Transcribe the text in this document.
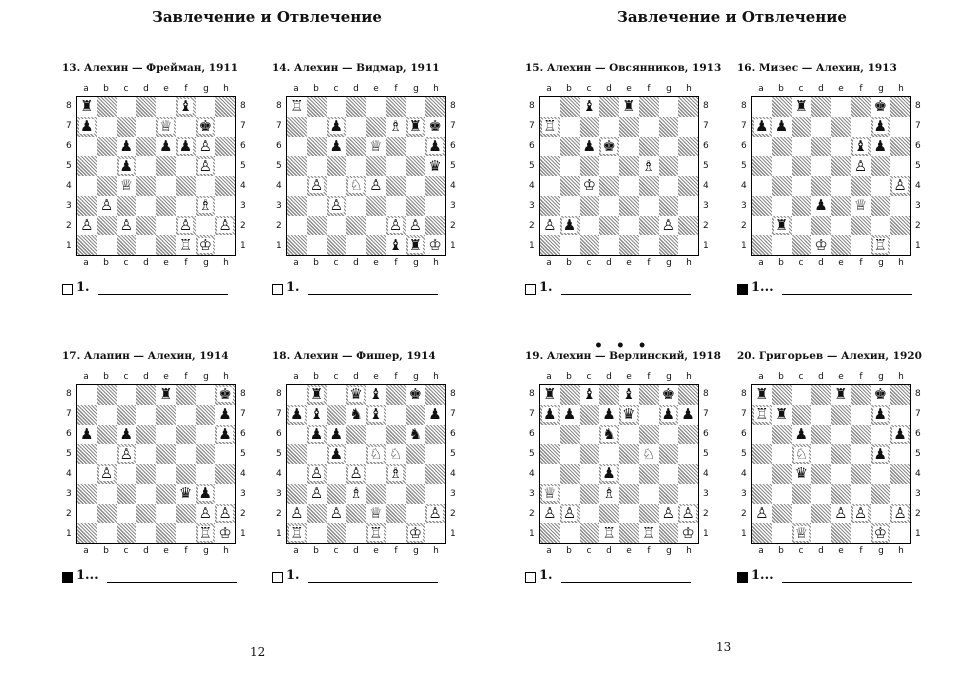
Завлечение и Отвлечение
12
Завлечение и Отвлечение
13
• • •
13. Алехин — Фрейман, 1911
a	b	c	d	e	f	g	h
a	b	c	d	e	f	g	h
8
7
6
5
4
3
2
1
8
7
6
5
4
3
2
1
♜	♝
♟	♕ ♚
♟ ♟ ♟ ♙
♟	♙
♕
♙	♗
♙ ♙	♙ ♙
♖ ♔
1.
14. Алехин — Видмар, 1911
a	b	c	d	e	f	g	h
a	b	c	d	e	f	g	h
8
7
6
5
4
3
2
1
8
7
6
5
4
3
2
1
♖
♟	♗ ♜ ♚
♟ ♕	♟
♛
♙ ♘ ♙
♙
♙ ♙
♝ ♜ ♔
1.
15. Алехин — Овсянников, 1913
a	b	c	d	e	f	g	h
a	b	c	d	e	f	g	h
8
7
6
5
4
3
2
1
8
7
6
5
4
3
2
1
♝ ♜
♖
♟ ♚
♗
♔
♙ ♟	♙
1.
16. Мизес — Алехин, 1913
a	b	c	d	e	f	g	h
a	b	c	d	e	f	g	h
8
7
6
5
4
3
2
1
8
7
6
5
4
3
2
1
♜	♚
♟ ♟	♟
♝ ♟
♙
♙
♟ ♕
♜
♔	♖
1...
17. Алапин — Алехин, 1914
a	b	c	d	e	f	g	h
a	b	c	d	e	f	g	h
8
7
6
5
4
3
2
1
8
7
6
5
4
3
2
1
♜	♚
♟
♟ ♟	♟
♙
♙
♛ ♟
♙ ♙
♖ ♔
1...
18. Алехин — Фишер, 1914
a	b	c	d	e	f	g	h
a	b	c	d	e	f	g	h
8
7
6
5
4
3
2
1
8
7
6
5
4
3
2
1
♜ ♛ ♝ ♚
♟ ♝ ♞ ♝	♟
♟ ♟	♞
♟ ♘ ♘
♙ ♙ ♗
♙ ♗
♙ ♙ ♕	♙
♖	♖ ♔
1.
19. Алехин — Верлинский, 1918
a	b	c	d	e	f	g	h
a	b	c	d	e	f	g	h
8
7
6
5
4
3
2
1
8
7
6
5
4
3
2
1
♜ ♝ ♝ ♚
♟ ♟ ♟ ♛ ♟ ♟
♞
♘
♟
♕	♗
♙ ♙	♙ ♙
♖ ♖ ♔
1.
20. Григорьев — Алехин, 1920
a	b	c	d	e	f	g	h
a	b	c	d	e	f	g	h
8
7
6
5
4
3
2
1
8
7
6
5
4
3
2
1
♜	♜ ♚
♖ ♜	♟
♟	♟
♘	♟
♛
♙	♙ ♙ ♙
♕	♔
1...
